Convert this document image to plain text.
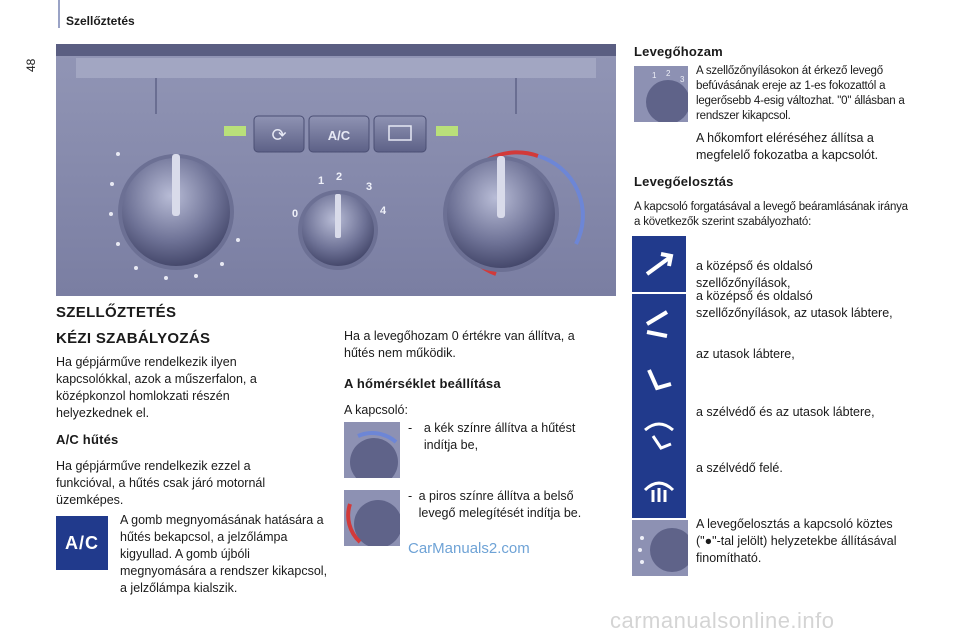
48
Szellőztetés
⟳	A/C
0
1 2
3
4
SZELLŐZTETÉS
KÉZI SZABÁLYOZÁS
Ha gépjárműve rendelkezik ilyen kapcsolókkal, azok a műszerfalon, a középkonzol homlokzati részén helyezkednek el.
A/C hűtés
Ha gépjárműve rendelkezik ezzel a funkcióval, a hűtés csak járó motornál üzemképes.
A/C
A gomb megnyomásának hatására a hűtés bekapcsol, a jelzőlámpa kigyullad. A gomb újbóli megnyomására a rendszer kikapcsol, a jelzőlámpa kialszik.
Ha a levegőhozam 0 értékre van állítva, a hűtés nem működik.
A hőmérséklet beállítása
A kapcsoló:
- a kék színre állítva a hűtést indítja be,
- a piros színre állítva a belső levegő melegítését indítja be.
CarManuals2.com
Levegőhozam
1 2
3
A szellőzőnyílásokon át érkező levegő befúvásának ereje az 1-es fokozattól a legerősebb 4-esig változhat. "0" állásban a rendszer kikapcsol.
A hőkomfort eléréséhez állítsa a megfelelő fokozatba a kapcsolót.
Levegőelosztás
A kapcsoló forgatásával a levegő beáramlásának iránya a következők szerint szabályozható:
a középső és oldalsó szellőzőnyílások,
a középső és oldalsó szellőzőnyílások, az utasok lábtere,
az utasok lábtere,
a szélvédő és az utasok lábtere,
a szélvédő felé.
A levegőelosztás a kapcsoló köztes ("●"-tal jelölt) helyzetekbe állításával finomítható.
carmanualsonline.info
